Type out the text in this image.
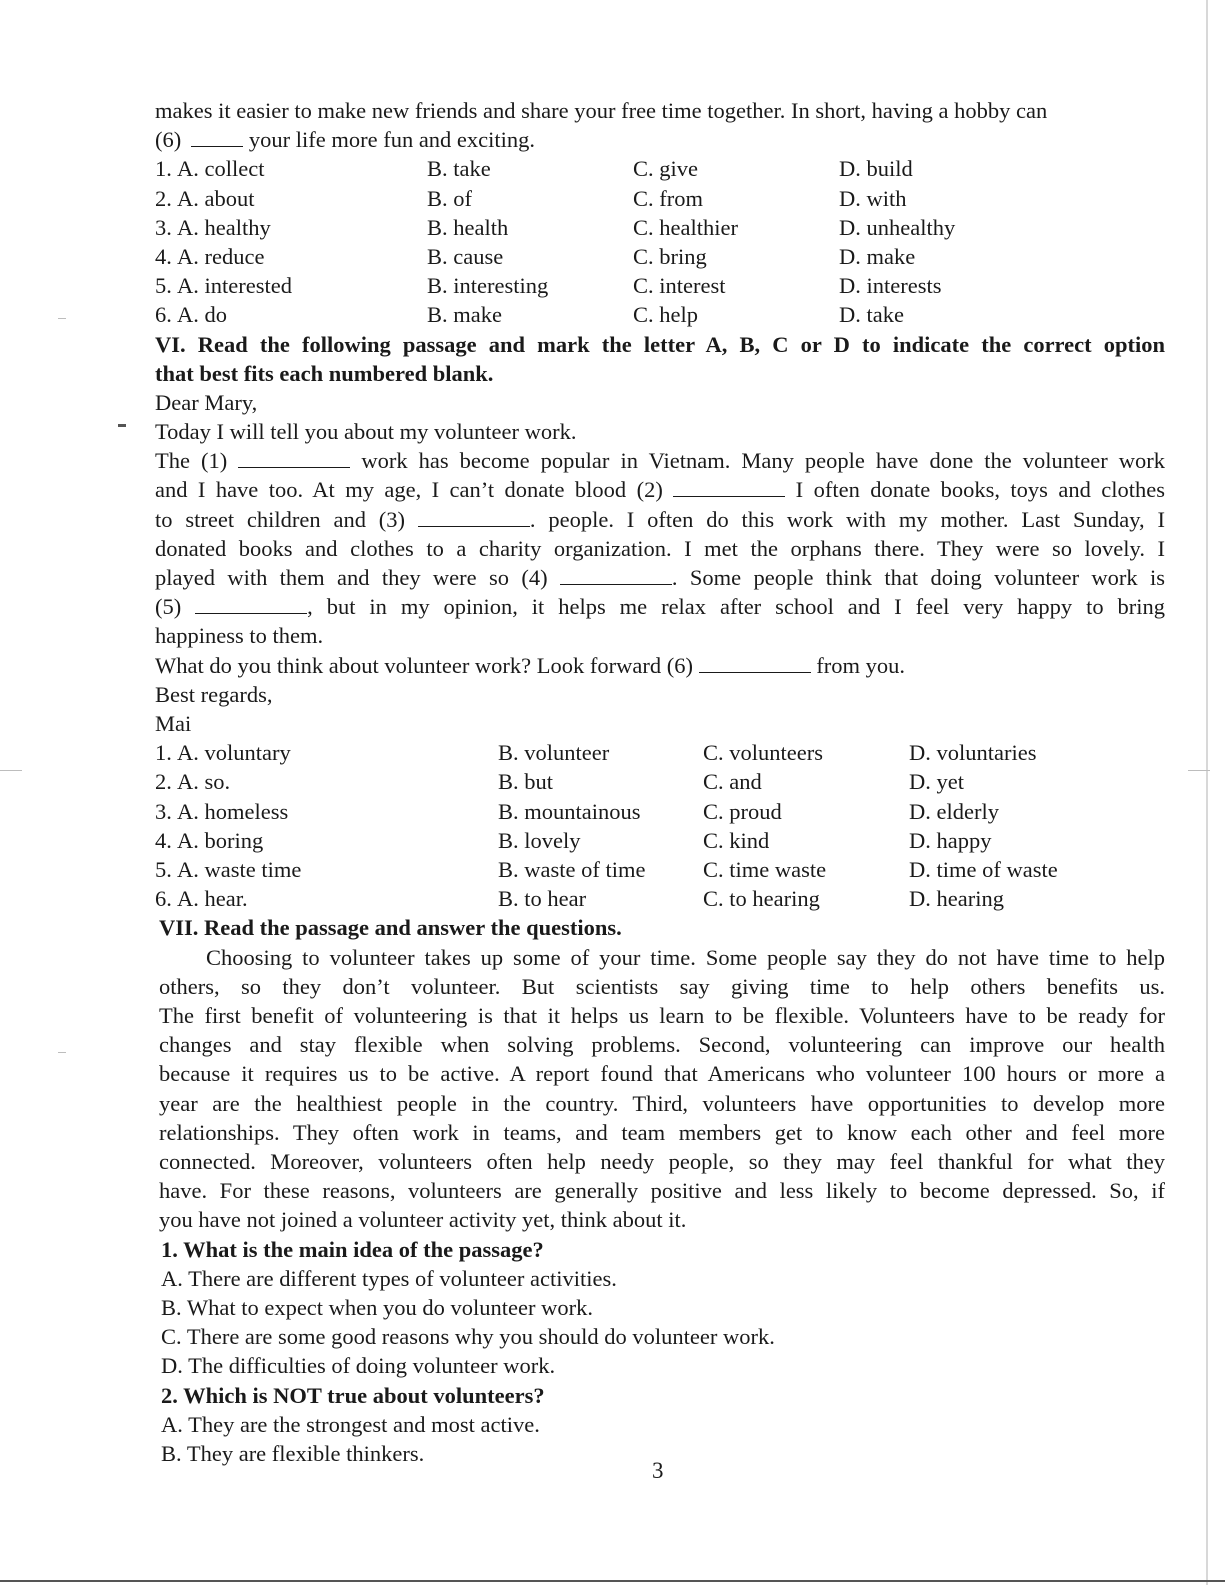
makes it easier to make new friends and share your free time together. In short, having a hobby can
(6)	your life more fun and exciting.
1. A. collect	B. take	C. give	D. build
2. A. about	B. of	C. from	D. with
3. A. healthy	B. health	C. healthier	D. unhealthy
4. A. reduce	B. cause	C. bring	D. make
5. A. interested	B. interesting	C. interest	D. interests
6. A. do	B. make	C. help	D. take
VI. Read the following passage and mark the letter A, B, C or D to indicate the correct option
that best fits each numbered blank.
Dear Mary,
Today I will tell you about my volunteer work.
The (1)	work has become popular in Vietnam. Many people have done the volunteer work
and I have too. At my age, I can’t donate blood (2)	I often donate books, toys and clothes
to street children and (3)	. people. I often do this work with my mother. Last Sunday, I
donated books and clothes to a charity organization. I met the orphans there. They were so lovely. I
played with them and they were so (4)	. Some people think that doing volunteer work is
(5)	, but in my opinion, it helps me relax after school and I feel very happy to bring
happiness to them.
What do you think about volunteer work? Look forward (6)	from you.
Best regards,
Mai
1. A. voluntary	B. volunteer	C. volunteers	D. voluntaries
2. A. so.	B. but	C. and	D. yet
3. A. homeless	B. mountainous	C. proud	D. elderly
4. A. boring	B. lovely	C. kind	D. happy
5. A. waste time	B. waste of time	C. time waste	D. time of waste
6. A. hear.	B. to hear	C. to hearing	D. hearing
VII. Read the passage and answer the questions.
Choosing to volunteer takes up some of your time. Some people say they do not have time to help
others, so they don’t volunteer. But scientists say giving time to help others benefits us.
The first benefit of volunteering is that it helps us learn to be flexible. Volunteers have to be ready for
changes and stay flexible when solving problems. Second, volunteering can improve our health
because it requires us to be active. A report found that Americans who volunteer 100 hours or more a
year are the healthiest people in the country. Third, volunteers have opportunities to develop more
relationships. They often work in teams, and team members get to know each other and feel more
connected. Moreover, volunteers often help needy people, so they may feel thankful for what they
have. For these reasons, volunteers are generally positive and less likely to become depressed. So, if
you have not joined a volunteer activity yet, think about it.
1. What is the main idea of the passage?
A. There are different types of volunteer activities.
B. What to expect when you do volunteer work.
C. There are some good reasons why you should do volunteer work.
D. The difficulties of doing volunteer work.
2. Which is NOT true about volunteers?
A. They are the strongest and most active.
B. They are flexible thinkers.
3
